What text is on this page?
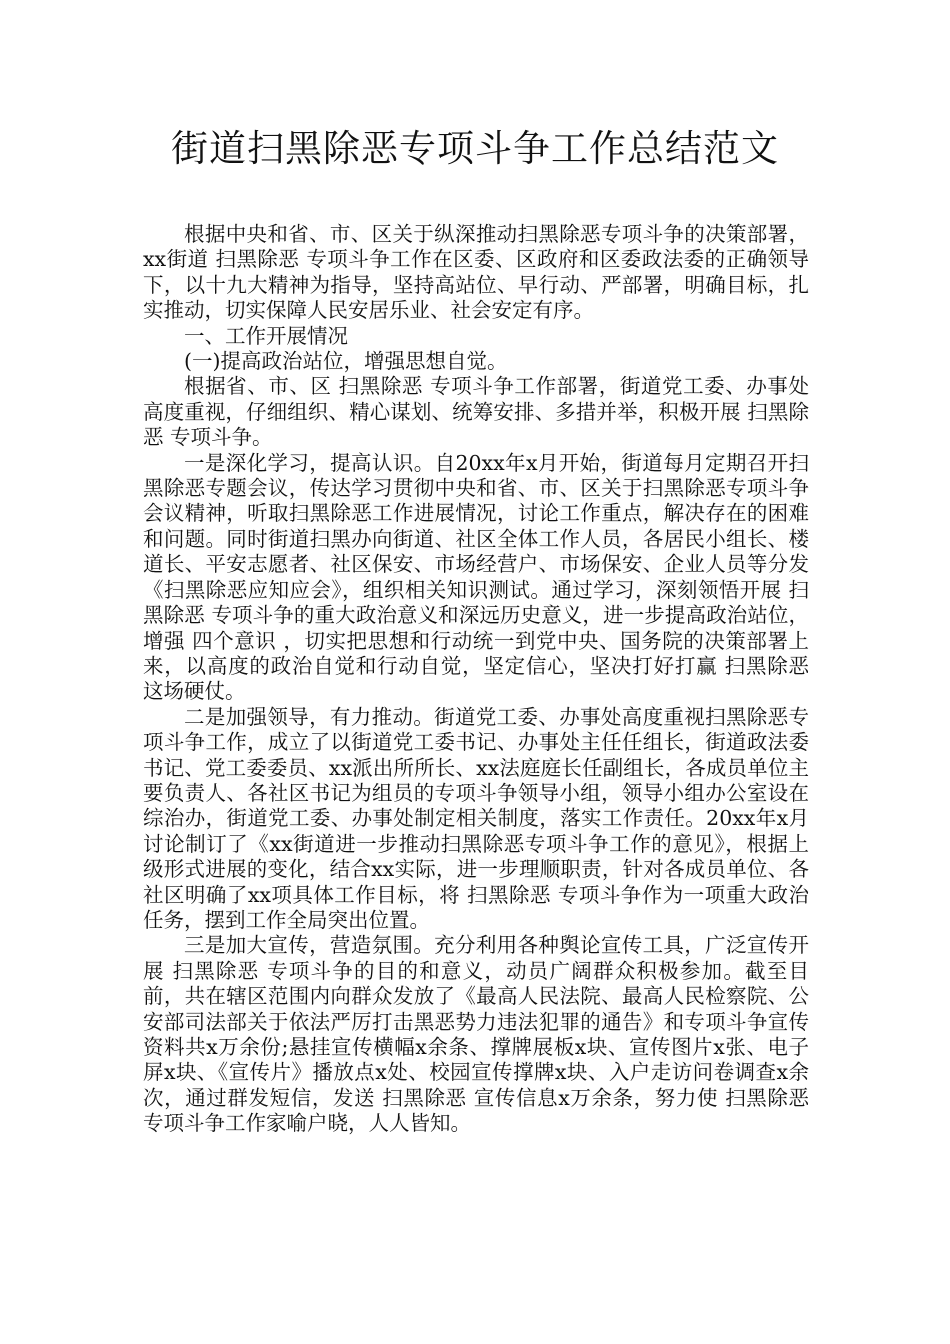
街道扫黑除恶专项斗争工作总结范文

根据中央和省、市、区关于纵深推动扫黑除恶专项斗争的决策部署，xx街道 扫黑除恶 专项斗争工作在区委、区政府和区委政法委的正确领导下，以十九大精神为指导，坚持高站位、早行动、严部署，明确目标，扎实推动，切实保障人民安居乐业、社会安定有序。

一、工作开展情况

(一)提高政治站位，增强思想自觉。

根据省、市、区 扫黑除恶 专项斗争工作部署，街道党工委、办事处高度重视，仔细组织、精心谋划、统筹安排、多措并举，积极开展 扫黑除恶 专项斗争。

一是深化学习，提高认识。自20xx年x月开始，街道每月定期召开扫黑除恶专题会议，传达学习贯彻中央和省、市、区关于扫黑除恶专项斗争会议精神，听取扫黑除恶工作进展情况，讨论工作重点，解决存在的困难和问题。同时街道扫黑办向街道、社区全体工作人员，各居民小组长、楼道长、平安志愿者、社区保安、市场经营户、市场保安、企业人员等分发《扫黑除恶应知应会》，组织相关知识测试。通过学习，深刻领悟开展 扫黑除恶 专项斗争的重大政治意义和深远历史意义，进一步提高政治站位，增强 四个意识 ，切实把思想和行动统一到党中央、国务院的决策部署上来，以高度的政治自觉和行动自觉，坚定信心，坚决打好打赢 扫黑除恶 这场硬仗。

二是加强领导，有力推动。街道党工委、办事处高度重视扫黑除恶专项斗争工作，成立了以街道党工委书记、办事处主任任组长，街道政法委书记、党工委委员、xx派出所所长、xx法庭庭长任副组长，各成员单位主要负责人、各社区书记为组员的专项斗争领导小组，领导小组办公室设在综治办，街道党工委、办事处制定相关制度，落实工作责任。20xx年x月讨论制订了《xx街道进一步推动扫黑除恶专项斗争工作的意见》，根据上级形式进展的变化，结合xx实际，进一步理顺职责，针对各成员单位、各社区明确了xx项具体工作目标，将 扫黑除恶 专项斗争作为一项重大政治任务，摆到工作全局突出位置。

三是加大宣传，营造氛围。充分利用各种舆论宣传工具，广泛宣传开展 扫黑除恶 专项斗争的目的和意义，动员广阔群众积极参加。截至目前，共在辖区范围内向群众发放了《最高人民法院、最高人民检察院、公安部司法部关于依法严厉打击黑恶势力违法犯罪的通告》和专项斗争宣传资料共x万余份;悬挂宣传横幅x余条、撑牌展板x块、宣传图片x张、电子屏x块、《宣传片》播放点x处、校园宣传撑牌x块、入户走访问卷调查x余次，通过群发短信，发送 扫黑除恶 宣传信息x万余条，努力使 扫黑除恶 专项斗争工作家喻户晓，人人皆知。
